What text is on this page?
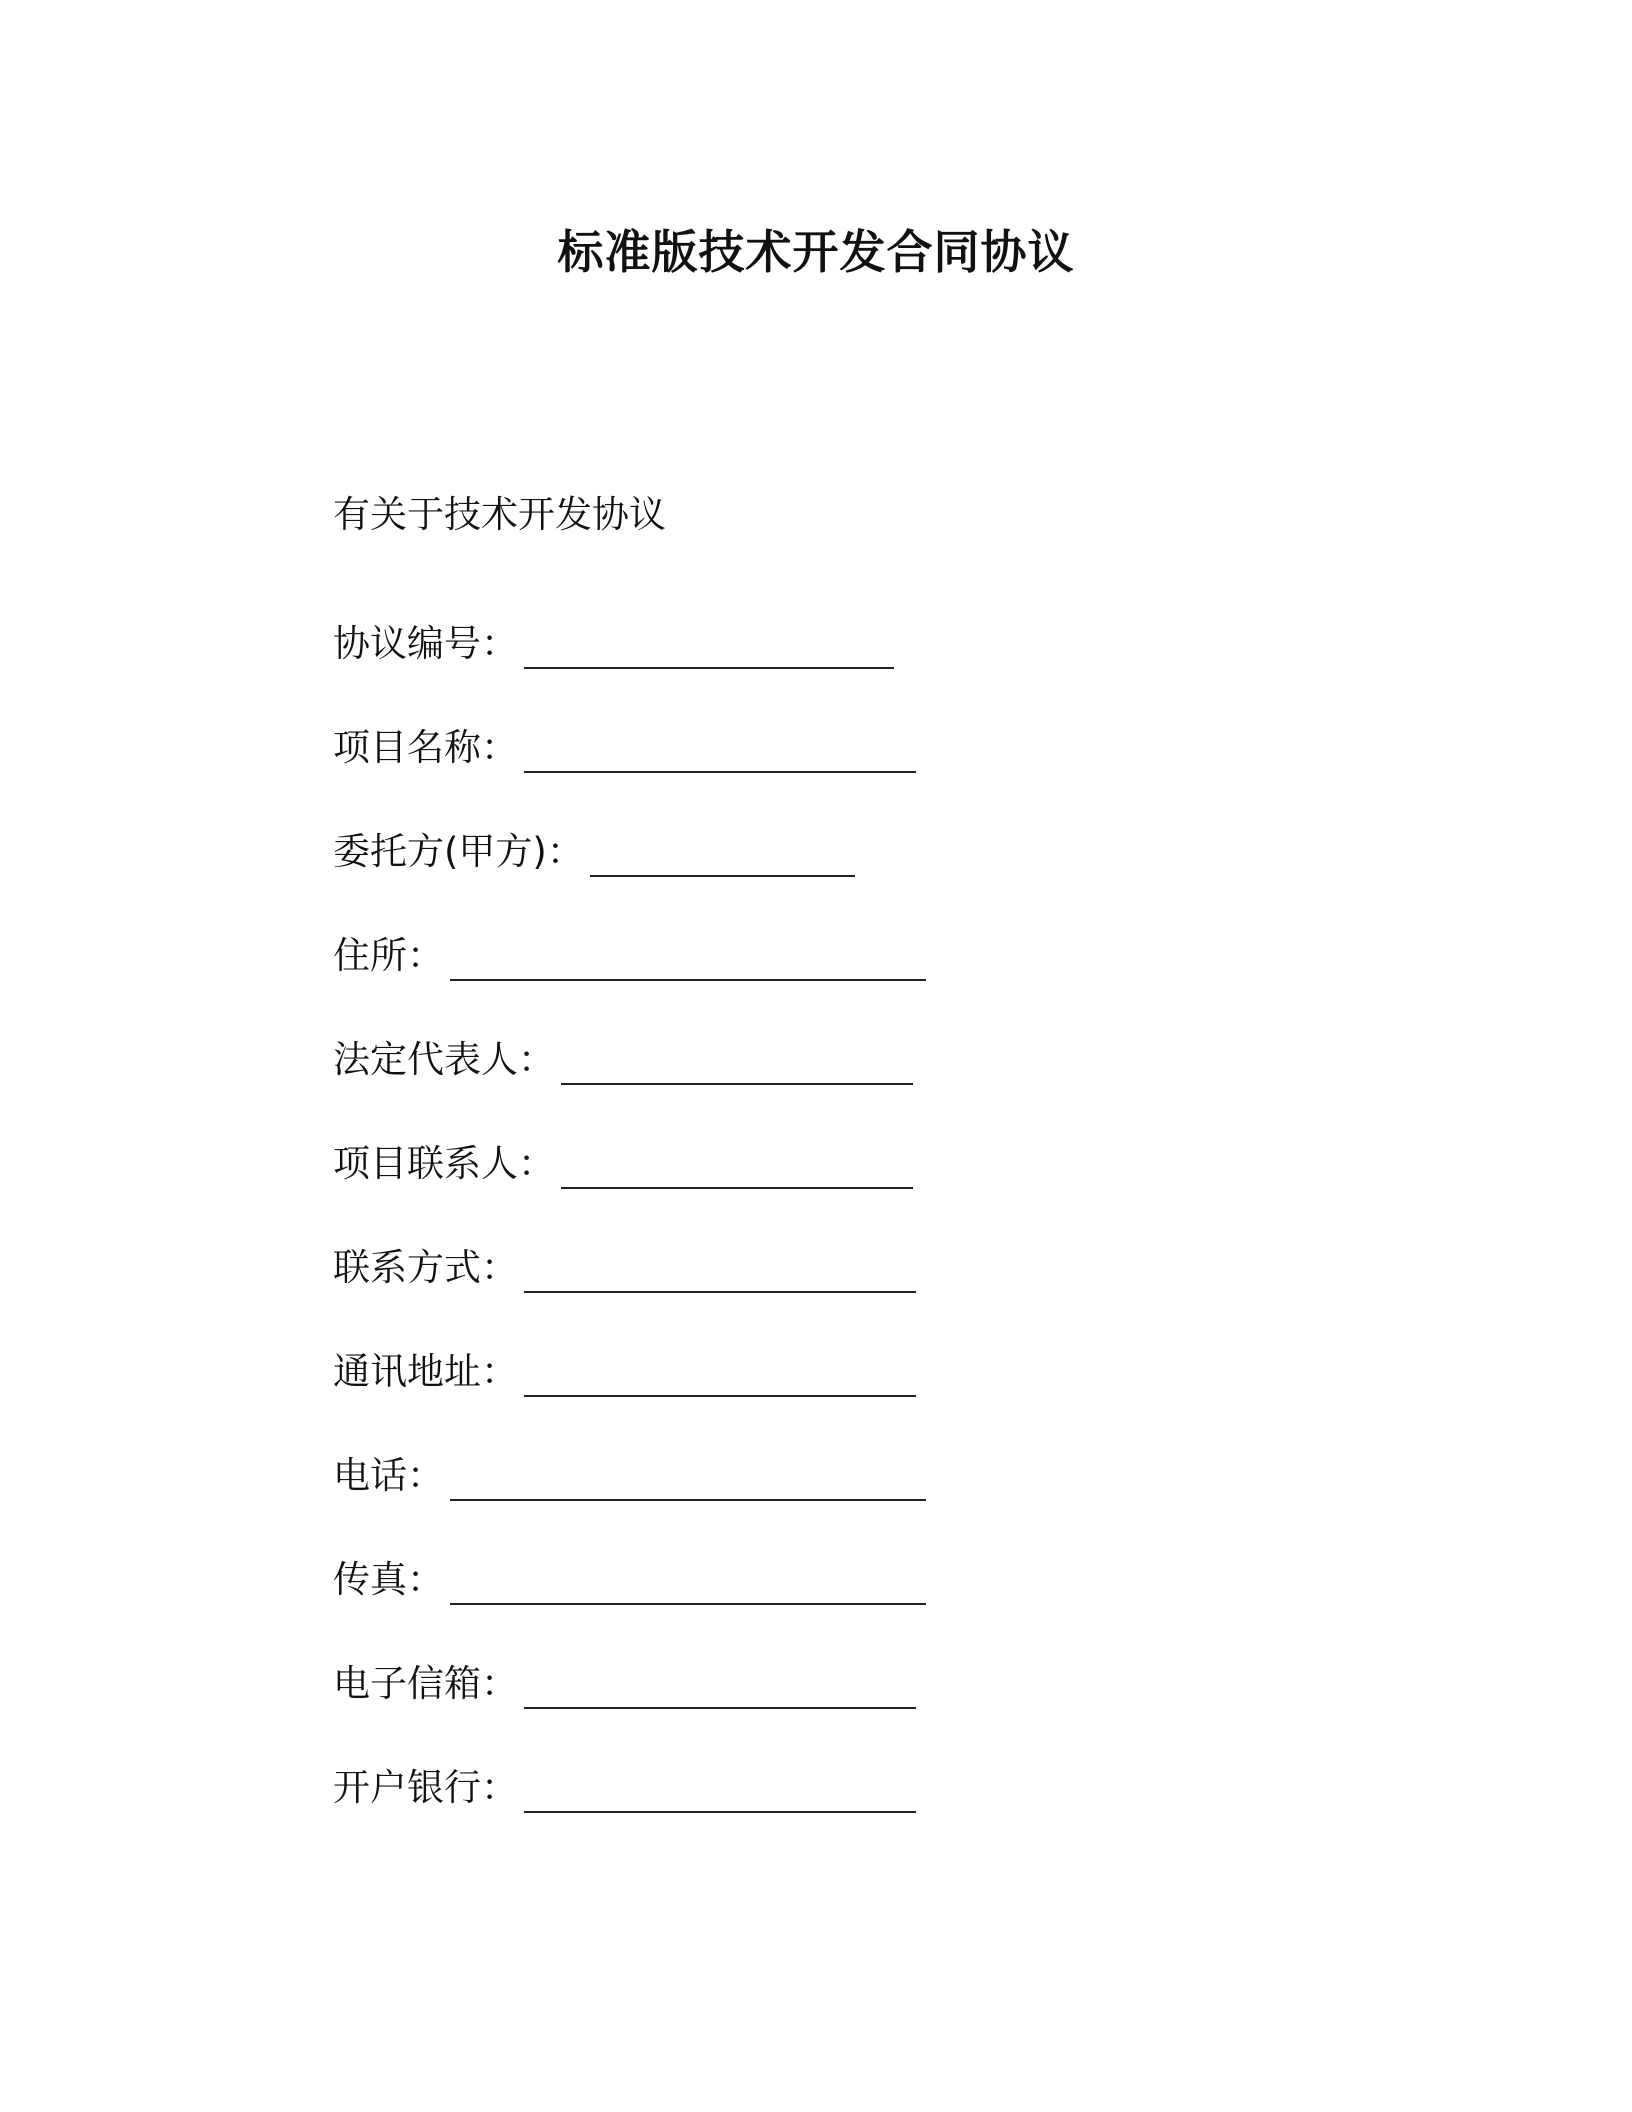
标准版技术开发合同协议

有关于技术开发协议

协议编号：
项目名称：
委托方(甲方)：
住所：
法定代表人：
项目联系人：
联系方式：
通讯地址：
电话：
传真：
电子信箱：
开户银行：
